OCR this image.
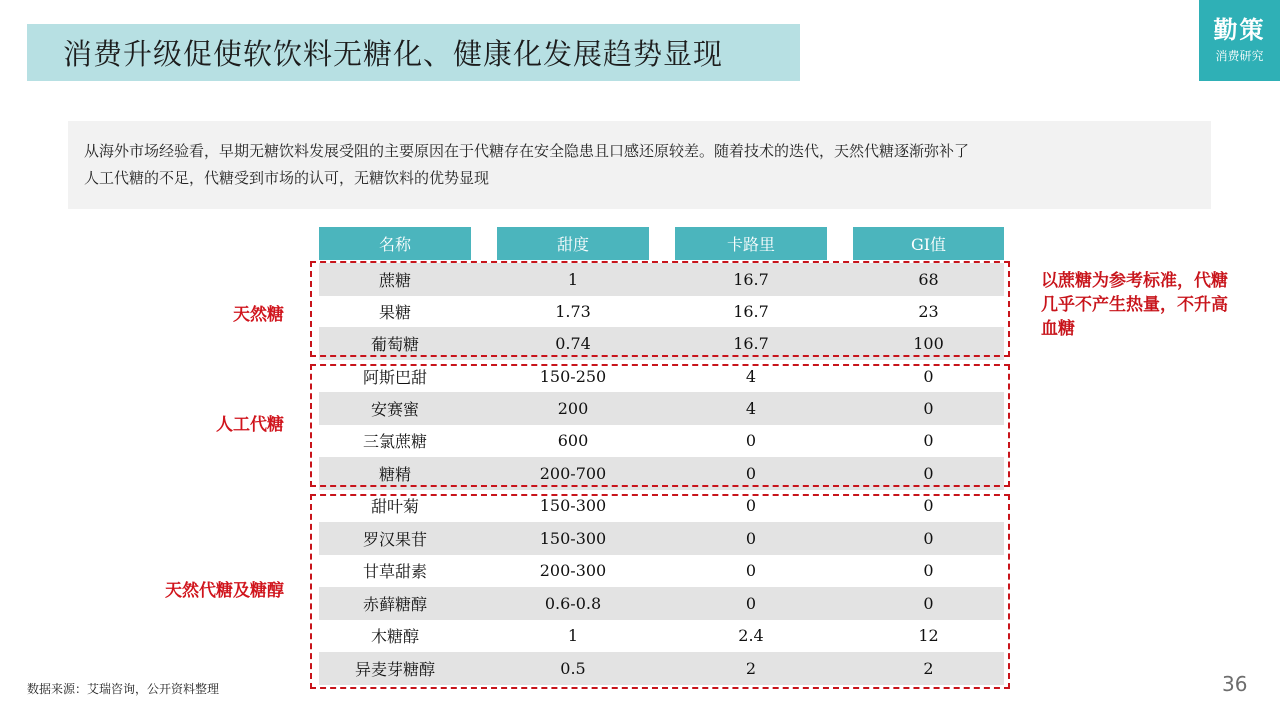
消费升级促使软饮料无糖化、健康化发展趋势显现
勤策
消费研究

从海外市场经验看，早期无糖饮料发展受阻的主要原因在于代糖存在安全隐患且口感还原较差。随着技术的迭代，天然代糖逐渐弥补了

人工代糖的不足，代糖受到市场的认可，无糖饮料的优势显现

名称	甜度	卡路里	GI值
蔗糖	1	16.7	68
果糖	1.73	16.7	23
葡萄糖	0.74	16.7	100
阿斯巴甜	150-250	4	0
安赛蜜	200	4	0
三氯蔗糖	600	0	0
糖精	200-700	0	0
甜叶菊	150-300	0	0
罗汉果苷	150-300	0	0
甘草甜素	200-300	0	0
赤藓糖醇	0.6-0.8	0	0
木糖醇	1	2.4	12
异麦芽糖醇	0.5	2	2
天然糖
人工代糖
天然代糖及糖醇
以蔗糖为参考标准，代糖几乎不产生热量，不升高血糖
数据来源：艾瑞咨询，公开资料整理	36
